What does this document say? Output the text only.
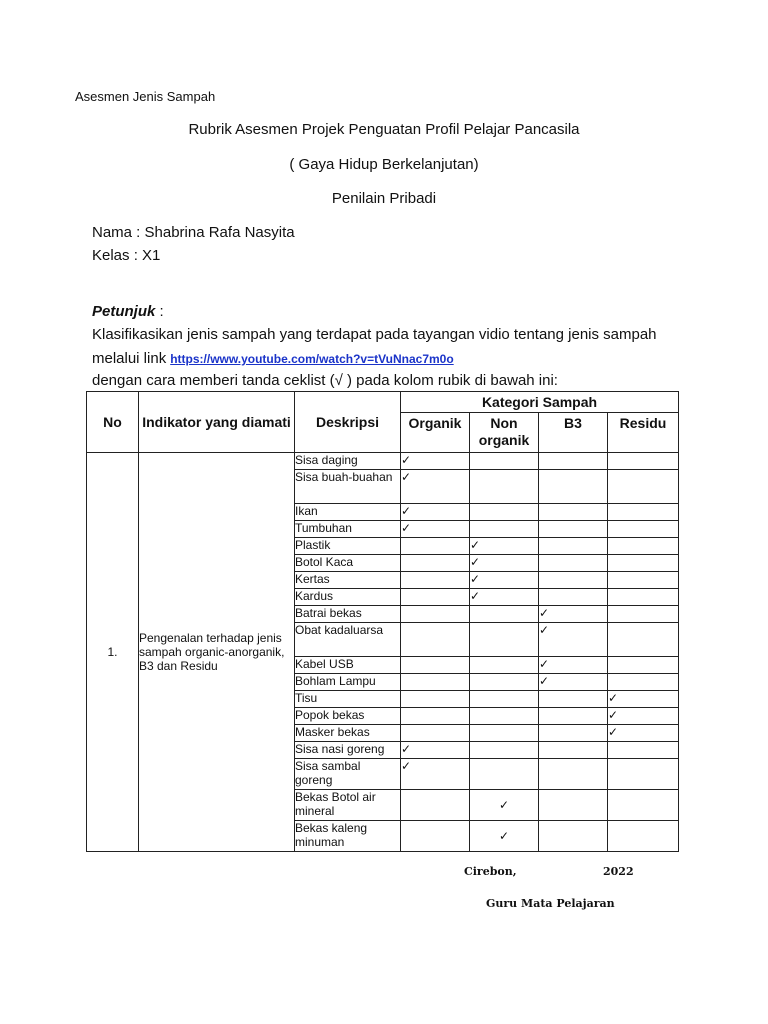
Asesmen Jenis Sampah
Rubrik Asesmen Projek Penguatan Profil Pelajar Pancasila
( Gaya Hidup Berkelanjutan)
Penilain Pribadi
Nama : Shabrina Rafa Nasyita
Kelas : X1
Petunjuk :
Klasifikasikan jenis sampah yang terdapat pada tayangan vidio tentang jenis sampah
melalui link https://www.youtube.com/watch?v=tVuNnac7m0o
dengan cara memberi tanda ceklist (√ ) pada kolom rubik di bawah ini:
No	Indikator yang diamati	Deskripsi	Kategori Sampah			
			Organik	Non organik	B3	Residu
1.	Pengenalan terhadap jenis sampah organic-anorganik, B3 dan Residu	Sisa daging	✓			
		Sisa buah-buahan	✓			
		Ikan	✓			
		Tumbuhan	✓			
		Plastik		✓		
		Botol Kaca		✓		
		Kertas		✓		
		Kardus		✓		
		Batrai bekas			✓	
		Obat kadaluarsa			✓	
		Kabel USB			✓	
		Bohlam Lampu			✓	
		Tisu				✓
		Popok bekas				✓
		Masker bekas				✓
		Sisa nasi goreng	✓			
		Sisa sambal goreng	✓			
		Bekas Botol air mineral		✓		
		Bekas kaleng minuman		✓		
Cirebon,	2022
Guru Mata Pelajaran
